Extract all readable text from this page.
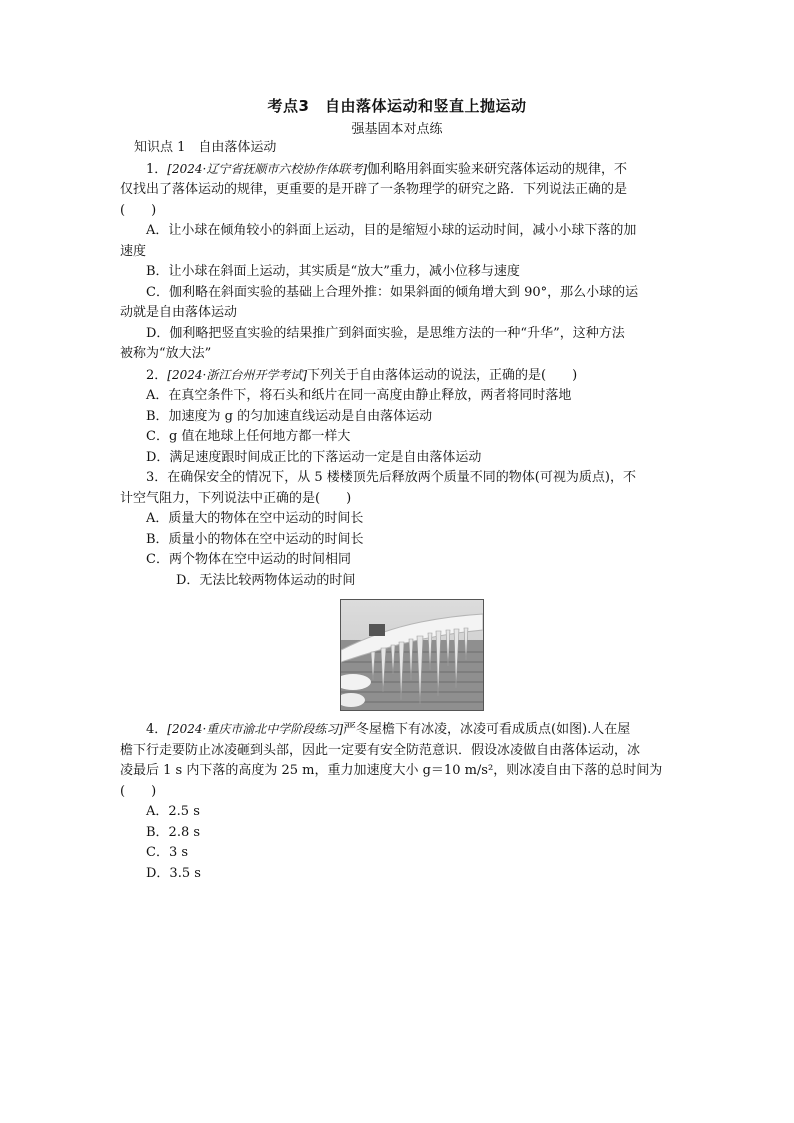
考点3　自由落体运动和竖直上抛运动
强基固本对点练

知识点 1　自由落体运动

1．[2024·辽宁省抚顺市六校协作体联考]伽利略用斜面实验来研究落体运动的规律，不

仅找出了落体运动的规律，更重要的是开辟了一条物理学的研究之路．下列说法正确的是

(　　)

A．让小球在倾角较小的斜面上运动，目的是缩短小球的运动时间，减小小球下落的加

速度

B．让小球在斜面上运动，其实质是“放大”重力，减小位移与速度

C．伽利略在斜面实验的基础上合理外推：如果斜面的倾角增大到 90°，那么小球的运

动就是自由落体运动

D．伽利略把竖直实验的结果推广到斜面实验，是思维方法的一种“升华”，这种方法

被称为“放大法”

2．[2024·浙江台州开学考试]下列关于自由落体运动的说法，正确的是(　　)

A．在真空条件下，将石头和纸片在同一高度由静止释放，两者将同时落地

B．加速度为 g 的匀加速直线运动是自由落体运动

C．g 值在地球上任何地方都一样大

D．满足速度跟时间成正比的下落运动一定是自由落体运动

3．在确保安全的情况下，从 5 楼楼顶先后释放两个质量不同的物体(可视为质点)，不

计空气阻力，下列说法中正确的是(　　)

A．质量大的物体在空中运动的时间长

B．质量小的物体在空中运动的时间长

C．两个物体在空中运动的时间相同

D．无法比较两物体运动的时间

4．[2024·重庆市渝北中学阶段练习]严冬屋檐下有冰凌，冰凌可看成质点(如图).人在屋

檐下行走要防止冰凌砸到头部，因此一定要有安全防范意识．假设冰凌做自由落体运动，冰

凌最后 1 s 内下落的高度为 25 m，重力加速度大小 g＝10 m/s²，则冰凌自由下落的总时间为

(　　)

A．2.5 s

B．2.8 s

C．3 s

D．3.5 s
